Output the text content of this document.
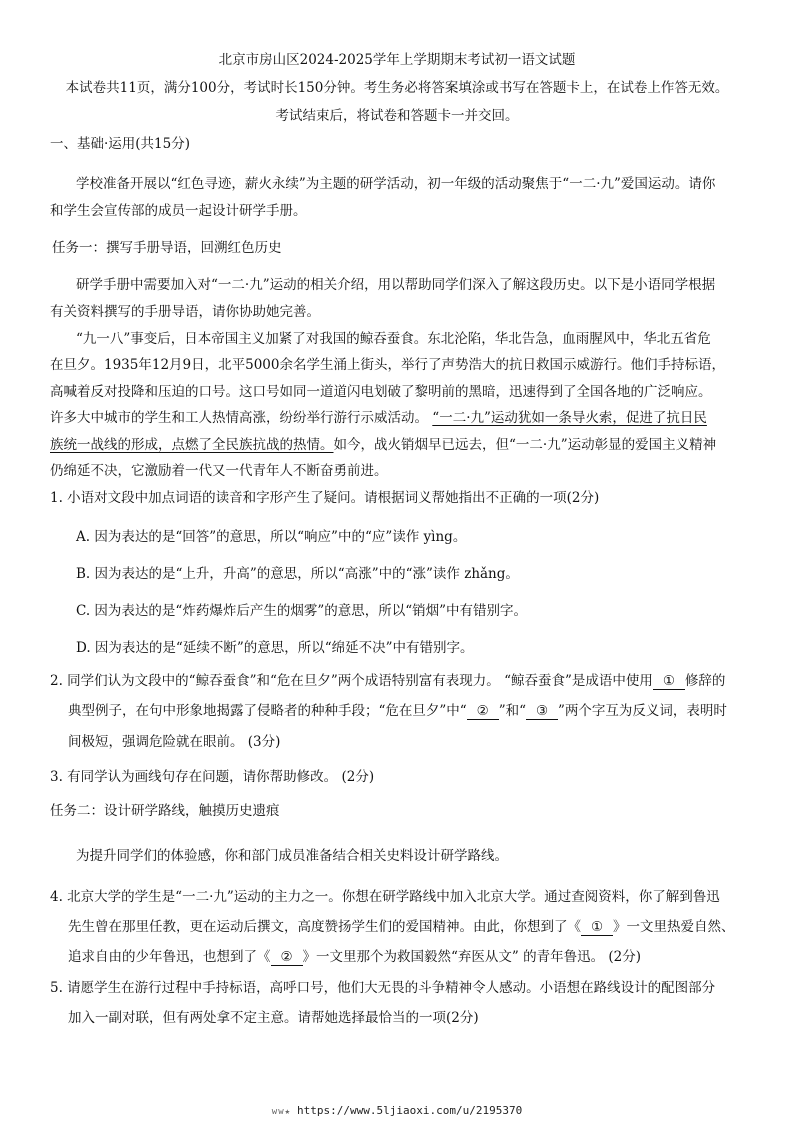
北京市房山区2024-2025学年上学期期末考试初一语文试题
本试卷共11页，满分100分，考试时长150分钟。考生务必将答案填涂或书写在答题卡上，在试卷上作答无效。
考试结束后，将试卷和答题卡一并交回。
一、基础·运用(共15分)
学校准备开展以“红色寻迹，薪火永续”为主题的研学活动，初一年级的活动聚焦于“一二·九”爱国运动。请你
和学生会宣传部的成员一起设计研学手册。
任务一：撰写手册导语，回溯红色历史
研学手册中需要加入对“一二·九”运动的相关介绍，用以帮助同学们深入了解这段历史。以下是小语同学根据
有关资料撰写的手册导语，请你协助她完善。
“九一八”事变后，日本帝国主义加紧了对我国的鲸吞蚕食。东北沦陷，华北告急，血雨腥风中，华北五省危
在旦夕。1935年12月9日，北平5000余名学生涌上街头，举行了声势浩大的抗日救国示威游行。他们手持标语，
高喊着反对投降和压迫的口号。这口号如同一道道闪电划破了黎明前的黑暗，迅速得到了全国各地的广泛响应。
许多大中城市的学生和工人热情高涨，纷纷举行游行示威活动。 “一二·九”运动犹如一条导火索，促进了抗日民
族统一战线的形成，点燃了全民族抗战的热情。如今，战火销烟早已远去，但“一二·九”运动彰显的爱国主义精神
仍绵延不决，它激励着一代又一代青年人不断奋勇前进。
1. 小语对文段中加点词语的读音和字形产生了疑问。请根据词义帮她指出不正确的一项(2分)
A. 因为表达的是“回答”的意思，所以“响应”中的“应”读作 yìng。
B. 因为表达的是“上升，升高”的意思，所以“高涨”中的“涨”读作 zhǎng。
C. 因为表达的是“炸药爆炸后产生的烟雾”的意思，所以“销烟”中有错别字。
D. 因为表达的是“延续不断”的意思，所以“绵延不决”中有错别字。
2. 同学们认为文段中的“鲸吞蚕食”和“危在旦夕”两个成语特别富有表现力。 “鲸吞蚕食”是成语中使用 ① 修辞的
典型例子，在句中形象地揭露了侵略者的种种手段；“危在旦夕”中“ ② ”和“ ③ ”两个字互为反义词，表明时
间极短，强调危险就在眼前。 (3分)
3. 有同学认为画线句存在问题，请你帮助修改。 (2分)
任务二：设计研学路线，触摸历史遗痕
为提升同学们的体验感，你和部门成员准备结合相关史料设计研学路线。
4. 北京大学的学生是“一二·九”运动的主力之一。你想在研学路线中加入北京大学。通过查阅资料，你了解到鲁迅
先生曾在那里任教，更在运动后撰文，高度赞扬学生们的爱国精神。由此，你想到了《 ① 》一文里热爱自然、
追求自由的少年鲁迅，也想到了《 ② 》一文里那个为救国毅然“弃医从文” 的青年鲁迅。 (2分)
5. 请愿学生在游行过程中手持标语，高呼口号，他们大无畏的斗争精神令人感动。小语想在路线设计的配图部分
加入一副对联，但有两处拿不定主意。请帮她选择最恰当的一项(2分)
ww★ https://www.5ljiaoxi.com/u/2195370
